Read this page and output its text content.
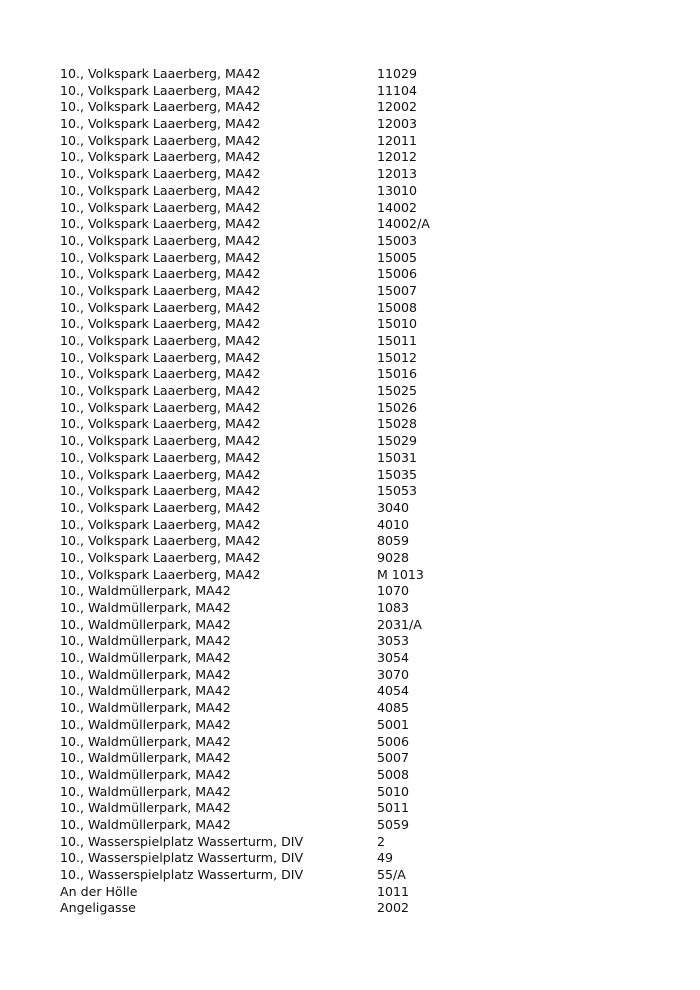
10., Volkspark Laaerberg, MA42	11029
10., Volkspark Laaerberg, MA42	11104
10., Volkspark Laaerberg, MA42	12002
10., Volkspark Laaerberg, MA42	12003
10., Volkspark Laaerberg, MA42	12011
10., Volkspark Laaerberg, MA42	12012
10., Volkspark Laaerberg, MA42	12013
10., Volkspark Laaerberg, MA42	13010
10., Volkspark Laaerberg, MA42	14002
10., Volkspark Laaerberg, MA42	14002/A
10., Volkspark Laaerberg, MA42	15003
10., Volkspark Laaerberg, MA42	15005
10., Volkspark Laaerberg, MA42	15006
10., Volkspark Laaerberg, MA42	15007
10., Volkspark Laaerberg, MA42	15008
10., Volkspark Laaerberg, MA42	15010
10., Volkspark Laaerberg, MA42	15011
10., Volkspark Laaerberg, MA42	15012
10., Volkspark Laaerberg, MA42	15016
10., Volkspark Laaerberg, MA42	15025
10., Volkspark Laaerberg, MA42	15026
10., Volkspark Laaerberg, MA42	15028
10., Volkspark Laaerberg, MA42	15029
10., Volkspark Laaerberg, MA42	15031
10., Volkspark Laaerberg, MA42	15035
10., Volkspark Laaerberg, MA42	15053
10., Volkspark Laaerberg, MA42	3040
10., Volkspark Laaerberg, MA42	4010
10., Volkspark Laaerberg, MA42	8059
10., Volkspark Laaerberg, MA42	9028
10., Volkspark Laaerberg, MA42	M 1013
10., Waldmüllerpark, MA42	1070
10., Waldmüllerpark, MA42	1083
10., Waldmüllerpark, MA42	2031/A
10., Waldmüllerpark, MA42	3053
10., Waldmüllerpark, MA42	3054
10., Waldmüllerpark, MA42	3070
10., Waldmüllerpark, MA42	4054
10., Waldmüllerpark, MA42	4085
10., Waldmüllerpark, MA42	5001
10., Waldmüllerpark, MA42	5006
10., Waldmüllerpark, MA42	5007
10., Waldmüllerpark, MA42	5008
10., Waldmüllerpark, MA42	5010
10., Waldmüllerpark, MA42	5011
10., Waldmüllerpark, MA42	5059
10., Wasserspielplatz Wasserturm, DIV	2
10., Wasserspielplatz Wasserturm, DIV	49
10., Wasserspielplatz Wasserturm, DIV	55/A
An der Hölle	1011
Angeligasse	2002
